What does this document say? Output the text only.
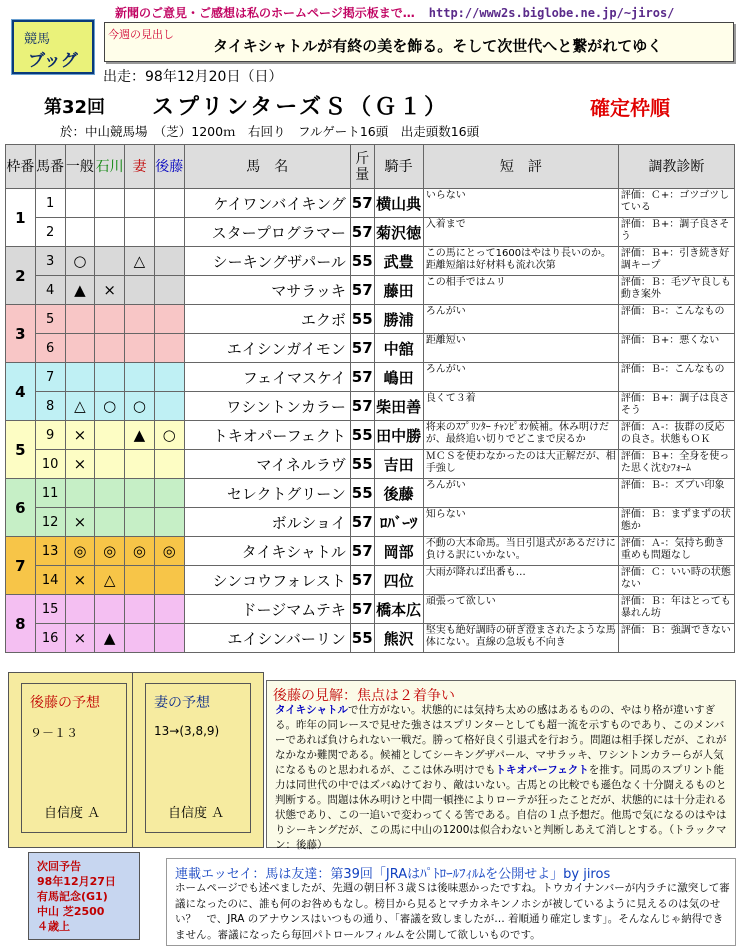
新聞のご意見・ご感想は私のホームページ掲示板まで… http://www2s.biglobe.ne.jp/~jiros/
競馬
ブッグ
今週の見出し
タイキシャトルが有終の美を飾る。そして次世代へと繋がれてゆく
出走：98年12月20日（日）
第32回 スプリンターズＳ（Ｇ１）	確定枠順
於：中山競馬場　（芝）1200ｍ　右回り　フルゲート16頭　出走頭数16頭
枠番	馬番	一般	石川	妻	後藤	馬　名	斤量	騎手	短　評	調教診断
1	1					ケイワンバイキング	57	横山典	いらない	評価：Ｃ+：ゴツゴツしている
	2					スタープログラマー	57	菊沢徳	入着まで	評価：Ｂ+：調子良さそう
2	3	○		△		シーキングザパール	55	武豊	この馬にとって1600はやはり長いのか。距離短縮は好材料も流れ次第	評価：Ｂ+：引き続き好調キープ
	4	▲	×			マサラッキ	57	藤田	この相手ではムリ	評価：Ｂ：毛ヅヤ良しも動き案外
3	5					エクボ	55	勝浦	ろんがい	評価：Ｂ-：こんなもの
	6					エイシンガイモン	57	中舘	距離短い	評価：Ｂ+：悪くない
4	7					フェイマスケイ	57	嶋田	ろんがい	評価：Ｂ-：こんなもの
	8	△	○	○		ワシントンカラー	57	柴田善	良くて３着	評価：Ｂ+：調子は良さそう
5	9	×		▲	○	トキオパーフェクト	55	田中勝	将来のｽﾌﾟﾘﾝﾀｰ ﾁｬﾝﾋﾟｵﾝ候補。休み明けだが、最終追い切りでどこまで戻るか	評価：Ａ-：抜群の反応の良さ。状態もＯＫ
	10	×				マイネルラヴ	55	吉田	ＭＣＳを使わなかったのは大正解だが、相手強し	評価：Ｂ+：全身を使った思く沈むﾌｫｰﾑ
6	11					セレクトグリーン	55	後藤	ろんがい	評価：Ｂ-：ズブい印象
	12	×				ボルショイ	57	ﾛﾊﾞｰﾂ	知らない	評価：Ｂ：まずまずの状態か
7	13	◎	◎	◎	◎	タイキシャトル	57	岡部	不動の大本命馬。当日引退式があるだけに負ける訳にいかない。	評価：Ａ-：気持ち動き重めも問題なし
	14	×	△			シンコウフォレスト	57	四位	大雨が降れば出番も…	評価：Ｃ：いい時の状態ない
8	15					ドージマムテキ	57	橋本広	頑張って欲しい	評価：Ｂ：年はとっても暴れん坊
	16	×	▲			エイシンバーリン	55	熊沢	堅実も絶好調時の研ぎ澄まされたような馬体にない。直線の急坂も不向き	評価：Ｂ：強調できない
後藤の予想
９－１３
自信度 Ａ
妻の予想
13→(3,8,9)
自信度 Ａ
後藤の見解：焦点は２着争い
タイキシャトルで仕方がない。状態的には気持ち太めの感はあるものの、やはり格が違いすぎる。昨年の同レースで見せた強さはスプリンターとしても超一流を示すものであり、このメンバーであれば負けられない一戦だ。勝って格好良く引退式を行おう。問題は相手探しだが、これがなかなか難関である。候補としてシーキングザパール、マサラッキ、ワシントンカラーらが人気になるものと思われるが、ここは休み明けでもトキオパーフェクトを推す。同馬のスプリント能力は同世代の中ではズバぬけており、敵はいない。古馬との比較でも遜色なく十分闘えるものと判断する。問題は休み明けと中間一頓挫によりローテが狂ったことだが、状態的には十分走れる状態であり、この一追いで変わってくる筈である。自信の１点予想だ。他馬で気になるのはやはりシーキングだが、この馬に中山の1200は似合わないと判断しあえて消しとする。（トラックマン：後藤）
次回予告
98年12月27日
有馬記念(G1)
中山 芝2500
４歳上
連載エッセイ：馬は友達：第39回「JRAはﾊﾟﾄﾛｰﾙﾌｨﾙﾑを公開せよ」by jiros
ホームページでも述べましたが、先週の朝日杯３歳Ｓは後味悪かったですね。トウカイナンバーが内ラチに激突して審議になったのに、誰も何のお咎めもなし。榜目から見るとマチカネキンノホシが被しているように見えるのは気のせい？　で、JRA のアナウンスはいつもの通り、「審議を致しましたが… 着順通り確定します」。そんなんじゃ納得できません。審議になったら毎回パトロールフィルムを公開して欲しいものです。
